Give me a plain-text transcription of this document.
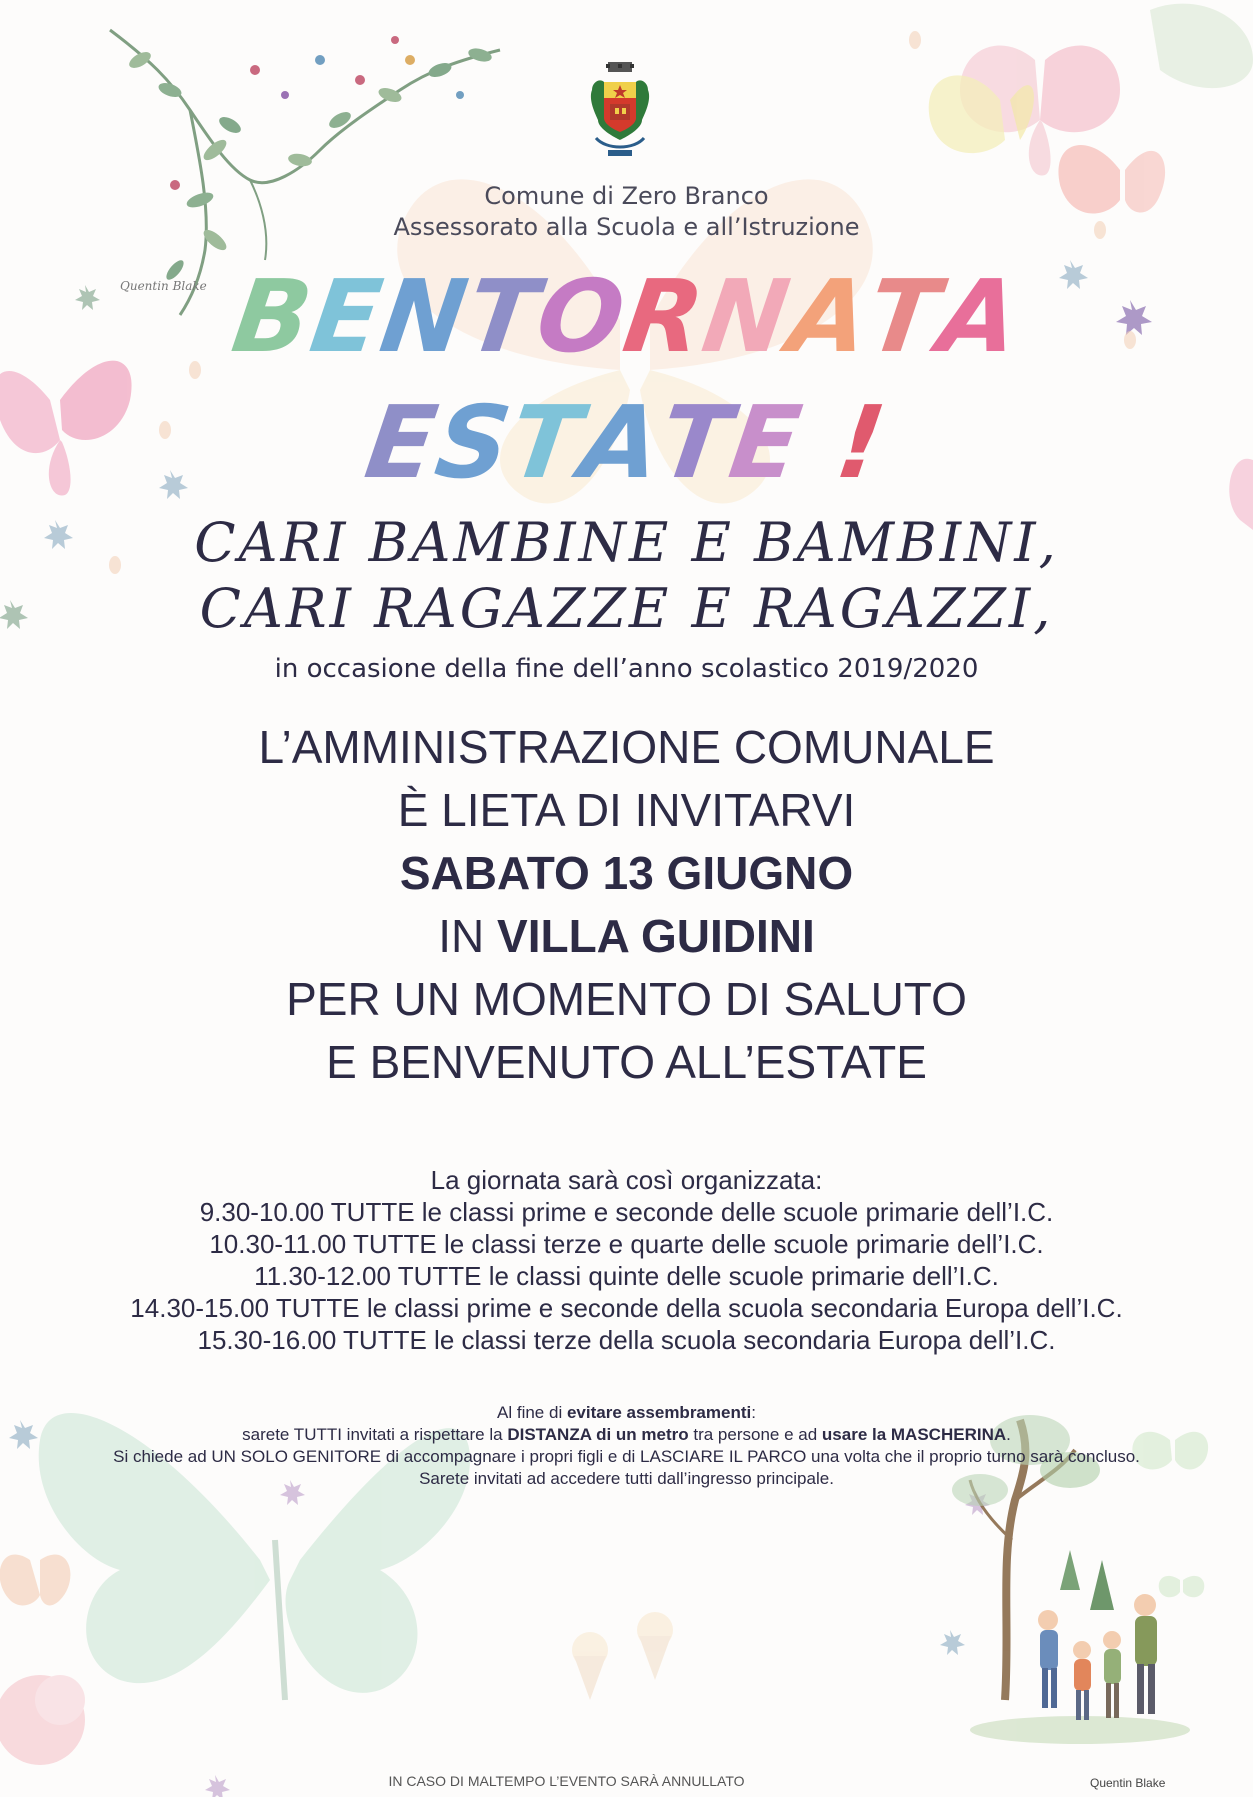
Quentin Blake
Comune di Zero Branco
Assessorato alla Scuola e all’Istruzione
BENTORNATA
ESTATE !
CARI BAMBINE E BAMBINI,
CARI RAGAZZE E RAGAZZI,
in occasione della fine dell’anno scolastico 2019/2020
L’AMMINISTRAZIONE COMUNALE
È LIETA DI INVITARVI
SABATO 13 GIUGNO
IN VILLA GUIDINI
PER UN MOMENTO DI SALUTO
E BENVENUTO ALL’ESTATE
La giornata sarà così organizzata:
9.30-10.00 TUTTE le classi prime e seconde delle scuole primarie dell’I.C.
10.30-11.00 TUTTE le classi terze e quarte delle scuole primarie dell’I.C.
11.30-12.00 TUTTE le classi quinte delle scuole primarie dell’I.C.
14.30-15.00 TUTTE le classi prime e seconde della scuola secondaria Europa dell’I.C.
15.30-16.00 TUTTE le classi terze della scuola secondaria Europa dell’I.C.
Al fine di evitare assembramenti:
sarete TUTTI invitati a rispettare la DISTANZA di un metro tra persone e ad usare la MASCHERINA.
Si chiede ad UN SOLO GENITORE di accompagnare i propri figli e di LASCIARE IL PARCO una volta che il proprio turno sarà concluso.
Sarete invitati ad accedere tutti dall’ingresso principale.
IN CASO DI MALTEMPO L’EVENTO SARÀ ANNULLATO	Quentin Blake
